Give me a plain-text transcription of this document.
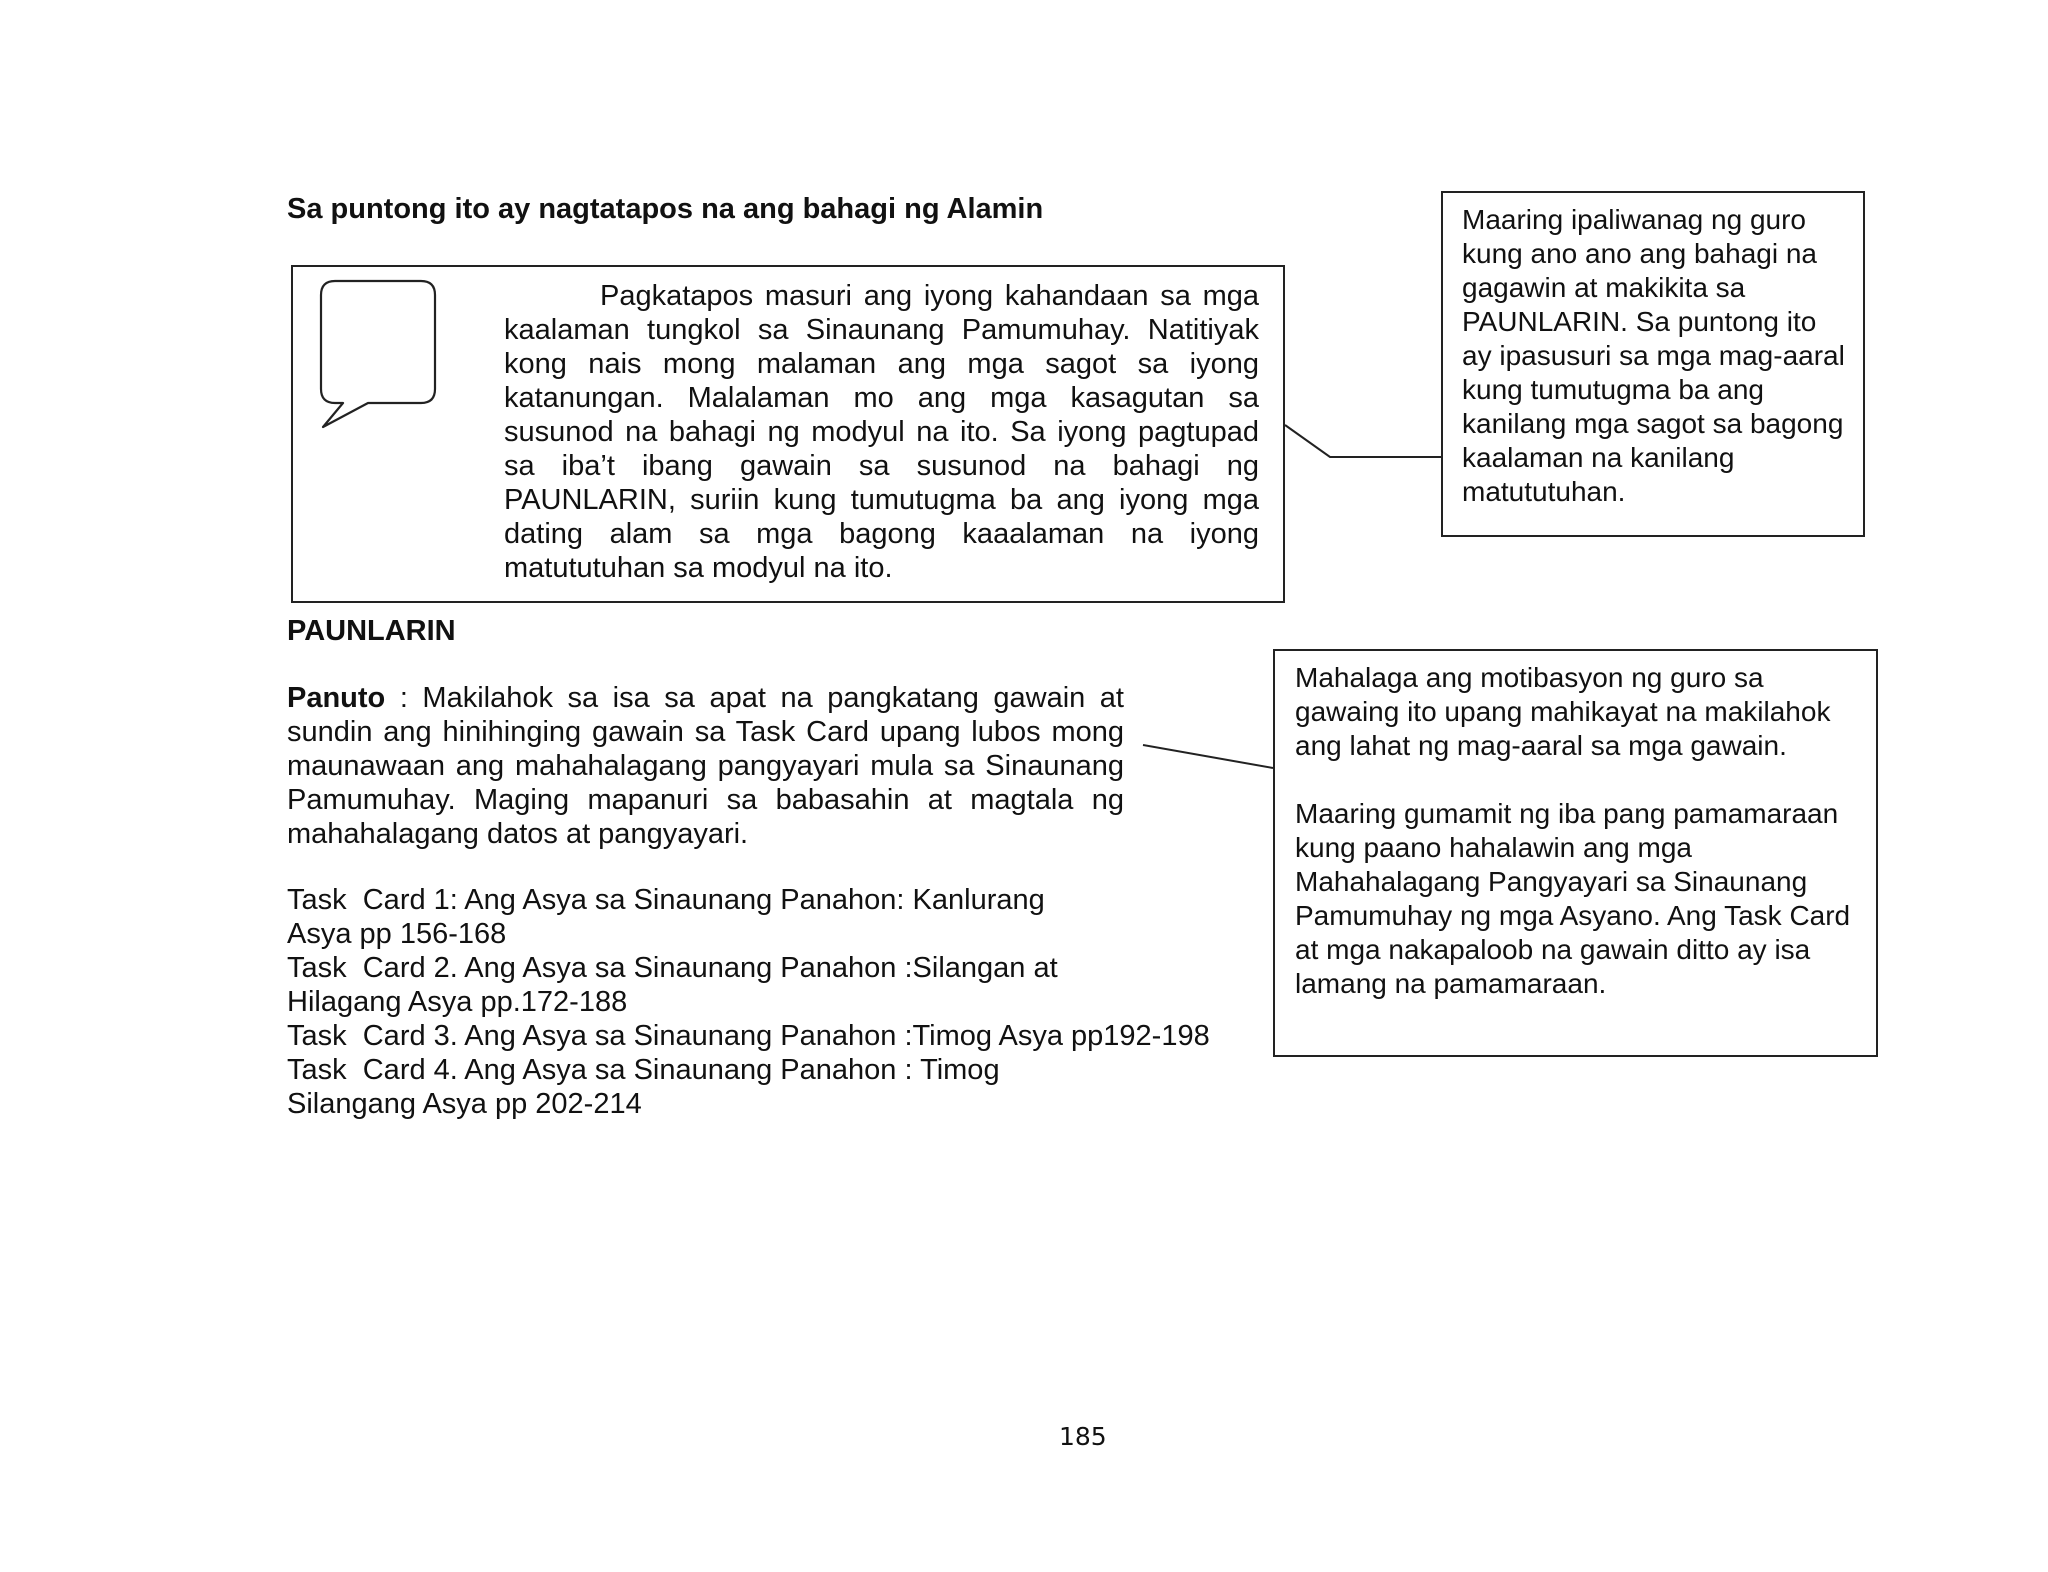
Sa puntong ito ay nagtatapos na ang bahagi ng Alamin

Pagkatapos masuri ang iyong kahandaan sa mga kaalaman tungkol sa Sinaunang Pamumuhay. Natitiyak kong nais mong malaman ang mga sagot sa iyong katanungan. Malalaman mo ang mga kasagutan sa susunod na bahagi ng modyul na ito. Sa iyong pagtupad sa iba’t ibang gawain sa susunod na bahagi ng PAUNLARIN, suriin kung tumutugma ba ang iyong mga dating alam sa mga bagong kaaalaman na iyong matututuhan sa modyul na ito.

Maaring ipaliwanag ng guro kung ano ano ang bahagi na gagawin at makikita sa PAUNLARIN. Sa puntong ito ay ipasusuri sa mga mag-aaral kung tumutugma ba ang kanilang mga sagot sa bagong kaalaman na kanilang matututuhan.

PAUNLARIN

Panuto : Makilahok sa isa sa apat na pangkatang gawain at sundin ang hinihinging gawain sa Task Card upang lubos mong maunawaan ang mahahalagang pangyayari mula sa Sinaunang Pamumuhay. Maging mapanuri sa babasahin at magtala ng mahahalagang datos at pangyayari.

Task  Card 1: Ang Asya sa Sinaunang Panahon: Kanlurang
Asya pp 156-168
Task  Card 2. Ang Asya sa Sinaunang Panahon :Silangan at
Hilagang Asya pp.172-188
Task  Card 3. Ang Asya sa Sinaunang Panahon :Timog Asya pp192-198
Task  Card 4. Ang Asya sa Sinaunang Panahon : Timog
Silangang Asya pp 202-214

Mahalaga ang motibasyon ng guro sa gawaing ito upang mahikayat na makilahok ang lahat ng mag-aaral sa mga gawain.

Maaring gumamit ng iba pang pamamaraan kung paano hahalawin ang mga Mahahalagang Pangyayari sa Sinaunang Pamumuhay ng mga Asyano. Ang Task Card at mga nakapaloob na gawain ditto ay isa lamang na pamamaraan.

185
